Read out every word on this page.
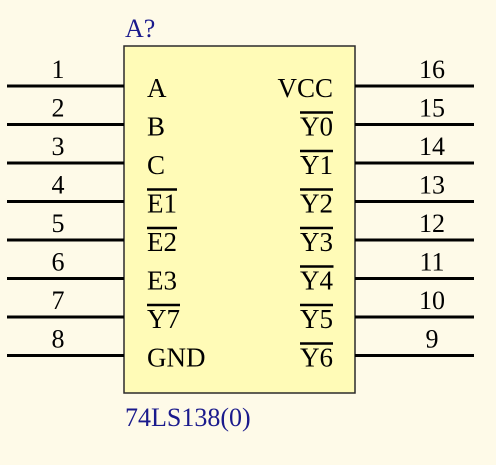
A?
74LS138(0)
1
A
2
B
3
C
4
E1
5
E2
6
E3
7
Y7
8
GND
16
VCC
15
Y0
14
Y1
13
Y2
12
Y3
11
Y4
10
Y5
9
Y6
